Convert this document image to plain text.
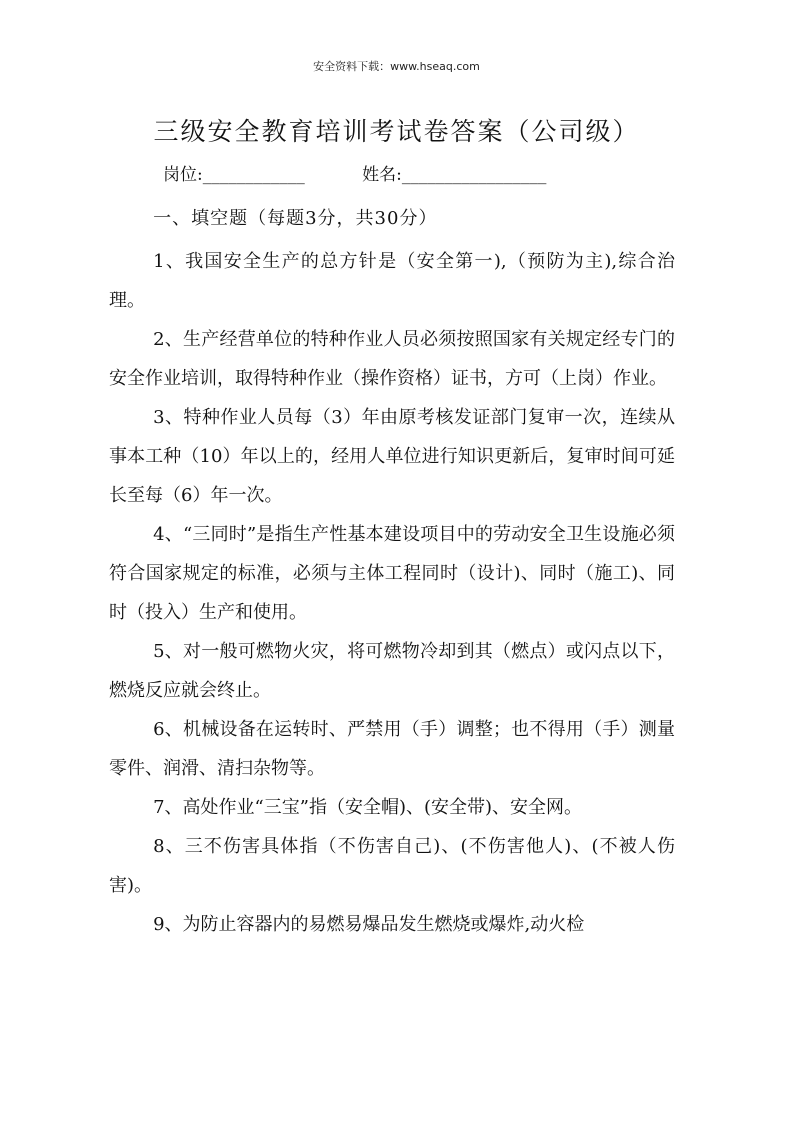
安全资料下载：www.hseaq.com
三级安全教育培训考试卷答案（公司级）
岗位:____________	姓名:_________________

一、填空题（每题3分，共30分）

1、我国安全生产的总方针是（安全第一),（预防为主),综合治理。

2、生产经营单位的特种作业人员必须按照国家有关规定经专门的安全作业培训，取得特种作业（操作资格）证书，方可（上岗）作业。

3、特种作业人员每（3）年由原考核发证部门复审一次，连续从事本工种（10）年以上的，经用人单位进行知识更新后，复审时间可延长至每（6）年一次。

4、“三同时”是指生产性基本建设项目中的劳动安全卫生设施必须符合国家规定的标准，必须与主体工程同时（设计)、同时（施工)、同时（投入）生产和使用。

5、对一般可燃物火灾，将可燃物冷却到其（燃点）或闪点以下，燃烧反应就会终止。

6、机械设备在运转时、严禁用（手）调整；也不得用（手）测量零件、润滑、清扫杂物等。

7、高处作业“三宝”指（安全帽)、(安全带)、安全网。

8、三不伤害具体指（不伤害自己)、(不伤害他人)、(不被人伤害)。

9、为防止容器内的易燃易爆品发生燃烧或爆炸,动火检
